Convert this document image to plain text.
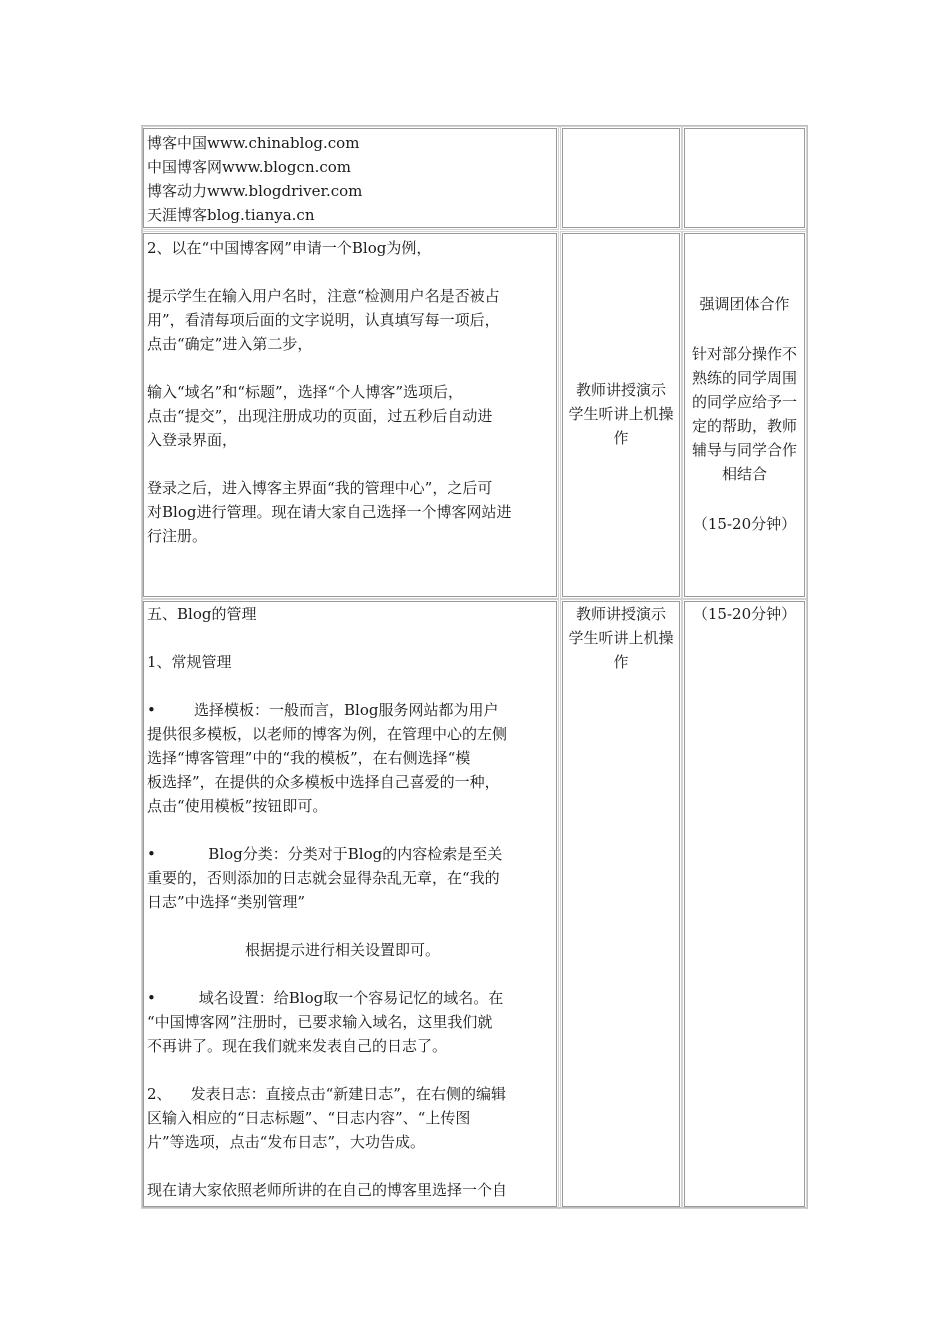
博客中国www.chinablog.com
中国博客网www.blogcn.com
博客动力www.blogdriver.com
天涯博客blog.tianya.cn
2、以在“中国博客网”申请一个Blog为例，
提示学生在输入用户名时，注意“检测用户名是否被占
用”，看清每项后面的文字说明，认真填写每一项后，
点击“确定”进入第二步，
输入“域名”和“标题”，选择“个人博客”选项后，
点击“提交”，出现注册成功的页面，过五秒后自动进
入登录界面，
登录之后，进入博客主界面“我的管理中心”，之后可
对Blog进行管理。现在请大家自己选择一个博客网站进
行注册。
教师讲授演示
学生听讲上机操
作
强调团体合作
针对部分操作不
熟练的同学周围
的同学应给予一
定的帮助，教师
辅导与同学合作
相结合
（15-20分钟）
五、Blog的管理
1、常规管理
•        选择模板：一般而言，Blog服务网站都为用户
提供很多模板，以老师的博客为例，在管理中心的左侧
选择“博客管理”中的“我的模板”，在右侧选择“模
板选择”，在提供的众多模板中选择自己喜爱的一种，
点击“使用模板”按钮即可。
•           Blog分类：分类对于Blog的内容检索是至关
重要的，否则添加的日志就会显得杂乱无章，在“我的
日志”中选择“类别管理”
根据提示进行相关设置即可。
•         域名设置：给Blog取一个容易记忆的域名。在
“中国博客网”注册时，已要求输入域名，这里我们就
不再讲了。现在我们就来发表自己的日志了。
2、    发表日志：直接点击“新建日志”，在右侧的编辑
区输入相应的“日志标题”、“日志内容”、“上传图
片”等选项，点击“发布日志”，大功告成。
现在请大家依照老师所讲的在自己的博客里选择一个自
教师讲授演示
学生听讲上机操
作
（15-20分钟）
